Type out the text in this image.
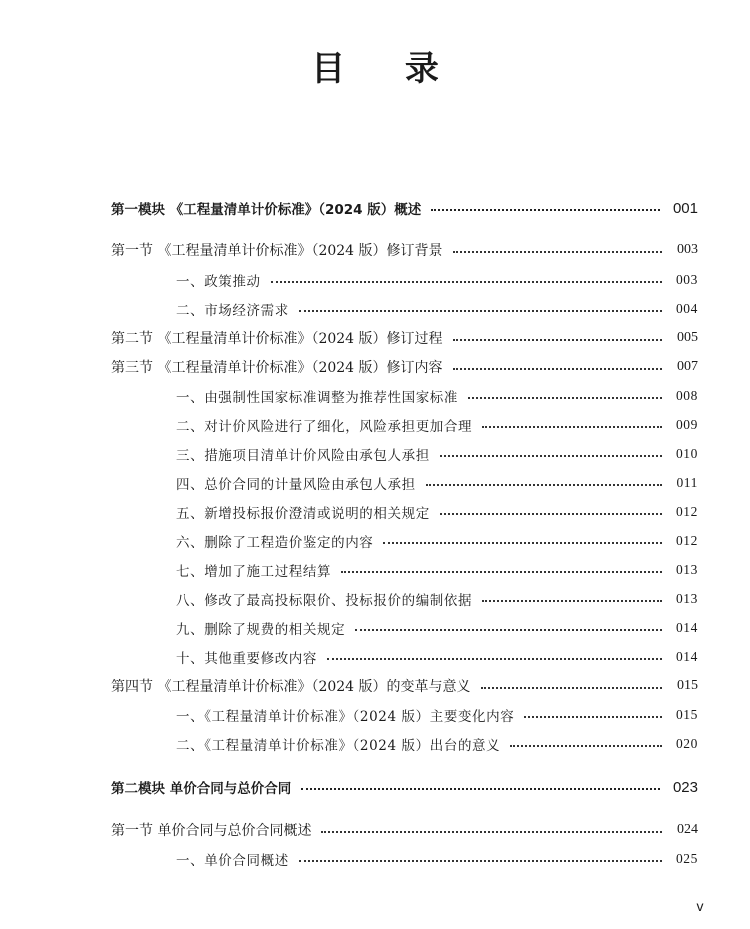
目 录
第一模块 《工程量清单计价标准》（2024 版）概述	001
第一节 《工程量清单计价标准》（2024 版）修订背景	003
一、政策推动	003
二、市场经济需求	004
第二节 《工程量清单计价标准》（2024 版）修订过程	005
第三节 《工程量清单计价标准》（2024 版）修订内容	007
一、由强制性国家标准调整为推荐性国家标准	008
二、对计价风险进行了细化，风险承担更加合理	009
三、措施项目清单计价风险由承包人承担	010
四、总价合同的计量风险由承包人承担	011
五、新增投标报价澄清或说明的相关规定	012
六、删除了工程造价鉴定的内容	012
七、增加了施工过程结算	013
八、修改了最高投标限价、投标报价的编制依据	013
九、删除了规费的相关规定	014
十、其他重要修改内容	014
第四节 《工程量清单计价标准》（2024 版）的变革与意义	015
一、《工程量清单计价标准》（2024 版）主要变化内容	015
二、《工程量清单计价标准》（2024 版）出台的意义	020
第二模块 单价合同与总价合同	023
第一节 单价合同与总价合同概述	024
一、单价合同概述	025
v
